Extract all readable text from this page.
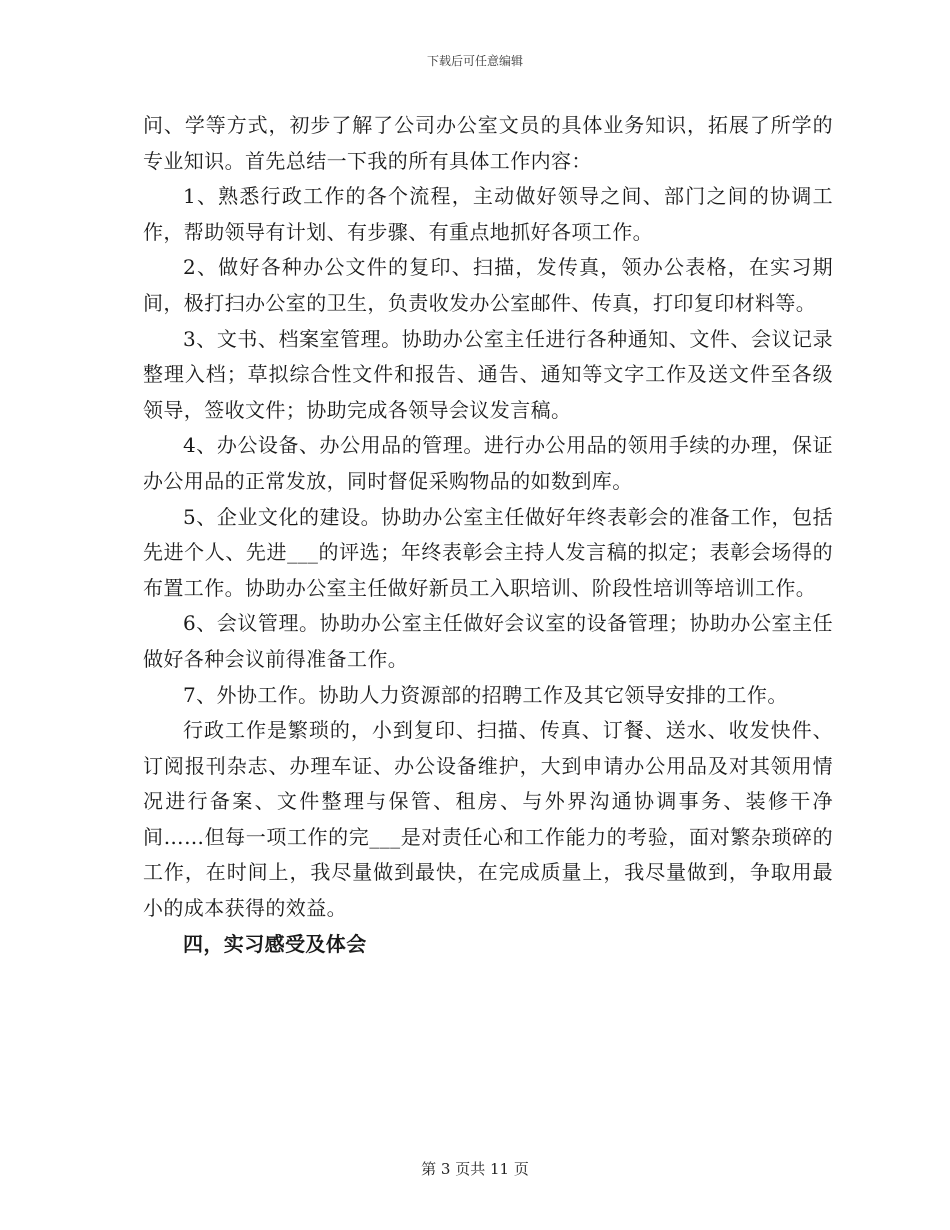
下载后可任意编辑

问、学等方式，初步了解了公司办公室文员的具体业务知识，拓展了所学的专业知识。首先总结一下我的所有具体工作内容：

1、熟悉行政工作的各个流程，主动做好领导之间、部门之间的协调工作，帮助领导有计划、有步骤、有重点地抓好各项工作。

2、做好各种办公文件的复印、扫描，发传真，领办公表格，在实习期间，极打扫办公室的卫生，负责收发办公室邮件、传真，打印复印材料等。

3、文书、档案室管理。协助办公室主任进行各种通知、文件、会议记录整理入档；草拟综合性文件和报告、通告、通知等文字工作及送文件至各级领导，签收文件；协助完成各领导会议发言稿。

4、办公设备、办公用品的管理。进行办公用品的领用手续的办理，保证办公用品的正常发放，同时督促采购物品的如数到库。

5、企业文化的建设。协助办公室主任做好年终表彰会的准备工作，包括先进个人、先进___的评选；年终表彰会主持人发言稿的拟定；表彰会场得的布置工作。协助办公室主任做好新员工入职培训、阶段性培训等培训工作。

6、会议管理。协助办公室主任做好会议室的设备管理；协助办公室主任做好各种会议前得准备工作。

7、外协工作。协助人力资源部的招聘工作及其它领导安排的工作。

行政工作是繁琐的，小到复印、扫描、传真、订餐、送水、收发快件、订阅报刊杂志、办理车证、办公设备维护，大到申请办公用品及对其领用情况进行备案、文件整理与保管、租房、与外界沟通协调事务、装修干净间……但每一项工作的完___是对责任心和工作能力的考验，面对繁杂琐碎的工作，在时间上，我尽量做到最快，在完成质量上，我尽量做到，争取用最小的成本获得的效益。

四，实习感受及体会

第 3 页共 11 页
